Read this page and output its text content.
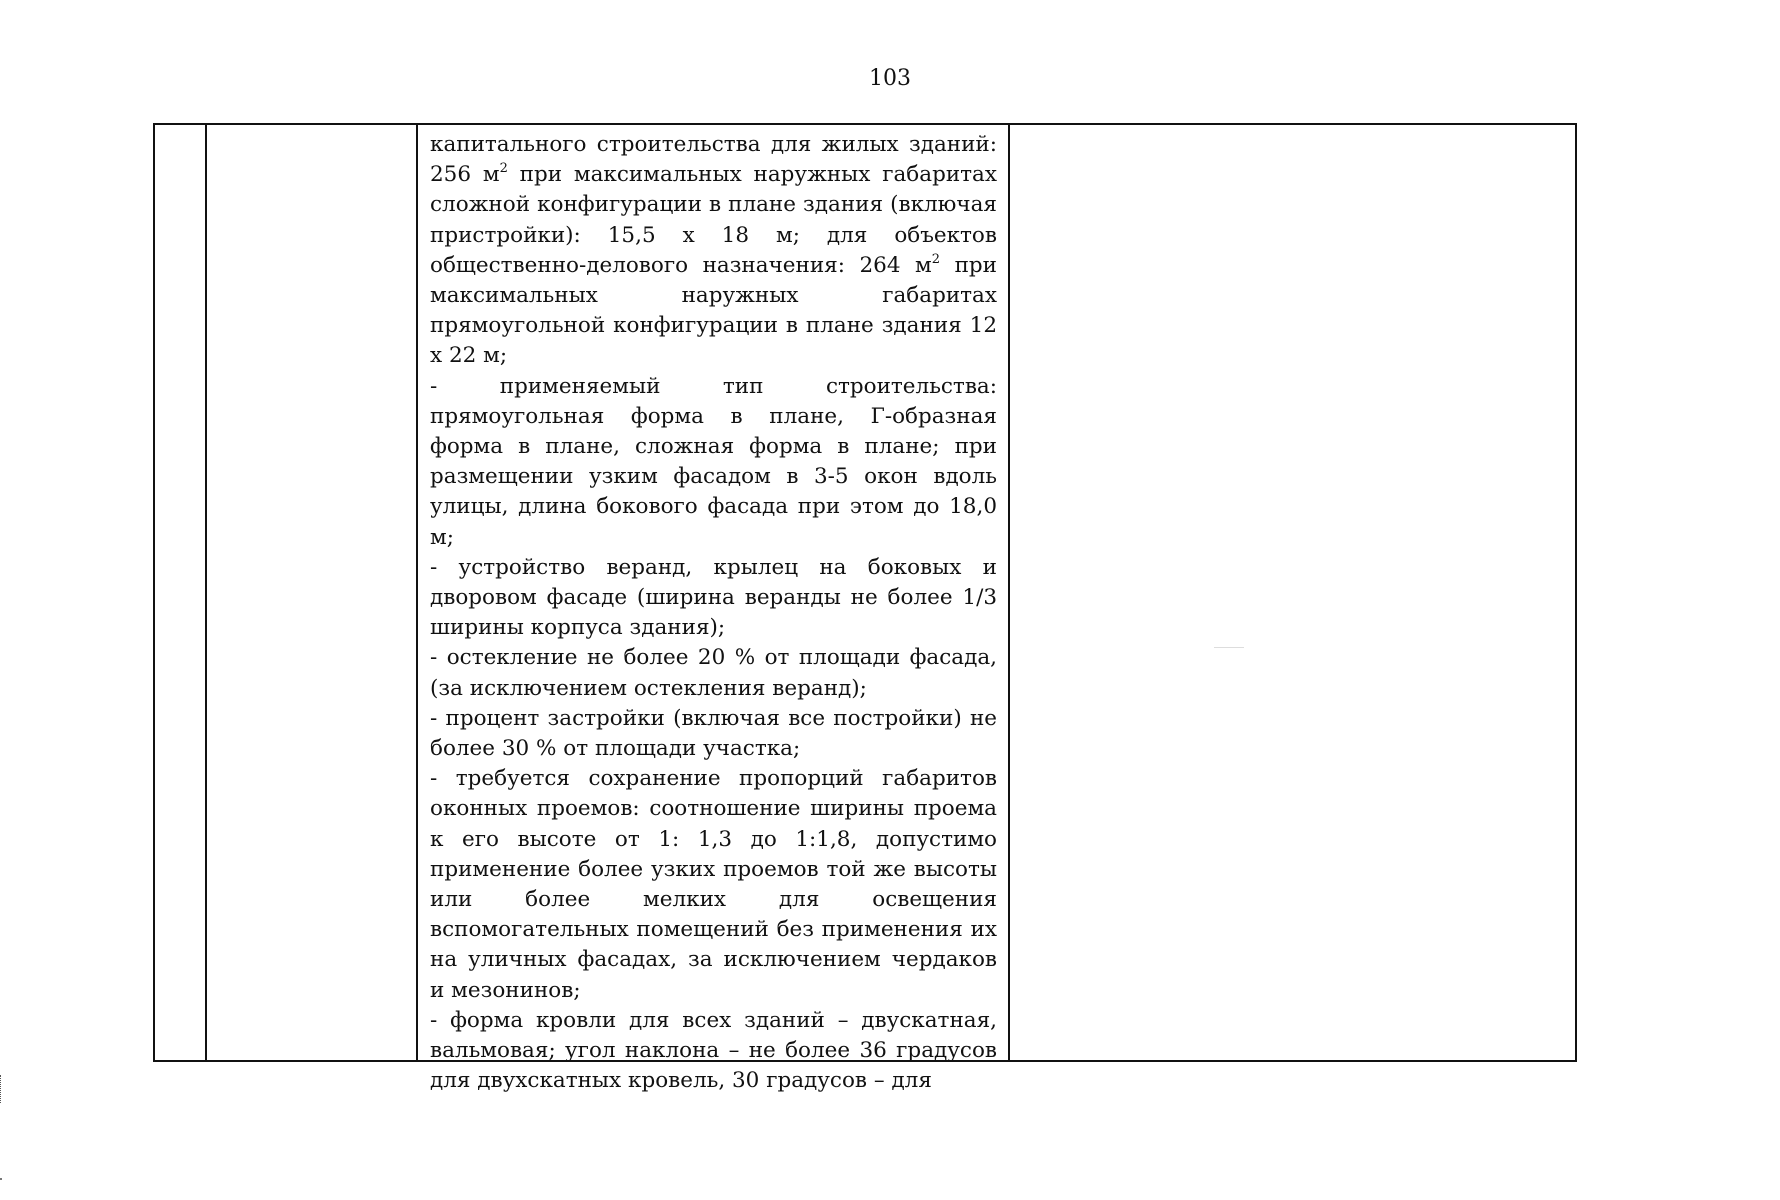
103

капитального строительства для жилых зданий: 256 $м^2$ при максимальных наружных габаритах сложной конфигурации в плане здания (включая пристройки): 15,5 х 18 м; для объектов общественно-делового назначения: 264 $м^2$ при максимальных наружных габаритах прямоугольной конфигурации в плане здания 12 х 22 м;

- применяемый тип строительства: прямоугольная форма в плане, Г-образная форма в плане, сложная форма в плане; при размещении узким фасадом в 3-5 окон вдоль улицы, длина бокового фасада при этом до 18,0 м;

- устройство веранд, крылец на боковых и дворовом фасаде (ширина веранды не более 1/3 ширины корпуса здания);

- остекление не более 20 % от площади фасада, (за исключением остекления веранд);

- процент застройки (включая все постройки) не более 30 % от площади участка;

- требуется сохранение пропорций габаритов оконных проемов: соотношение ширины проема к его высоте от 1: 1,3 до 1:1,8, допустимо применение более узких проемов той же высоты или более мелких для освещения вспомогательных помещений без применения их на уличных фасадах, за исключением чердаков и мезонинов;

- форма кровли для всех зданий – двускатная, вальмовая; угол наклона – не более 36 градусов для двухскатных кровель, 30 градусов – для
